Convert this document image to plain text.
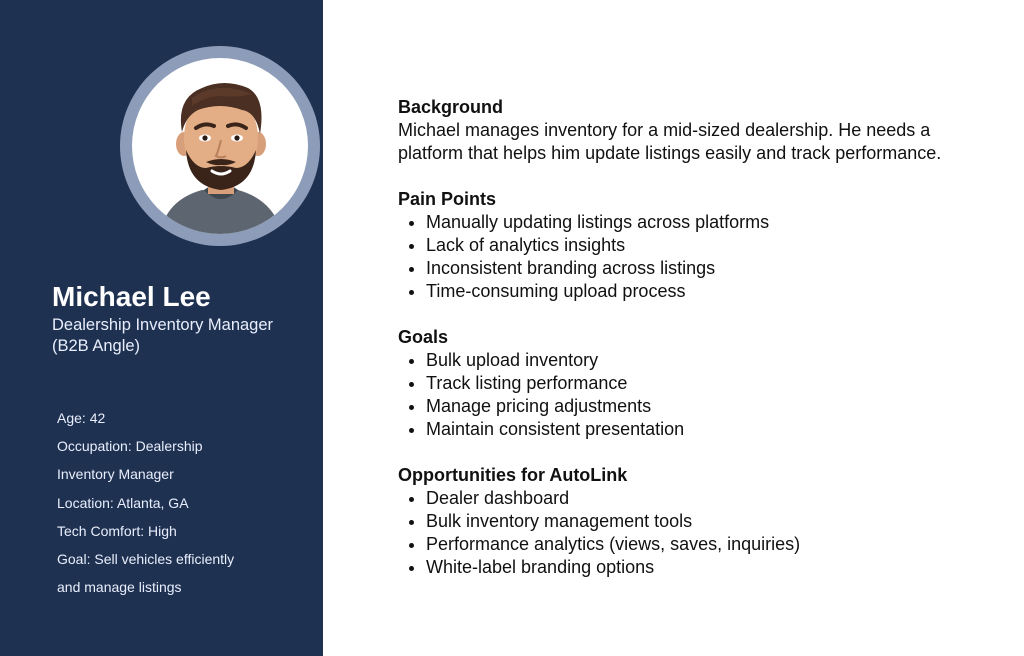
Michael Lee

Dealership Inventory Manager (B2B Angle)

Age: 42
Occupation: Dealership
Inventory Manager
Location: Atlanta, GA
Tech Comfort: High
Goal: Sell vehicles efficiently
and manage listings
Background

Michael manages inventory for a mid-sized dealership. He needs a platform that helps him update listings easily and track performance.

Pain Points
• Manually updating listings across platforms
• Lack of analytics insights
• Inconsistent branding across listings
• Time-consuming upload process
Goals
• Bulk upload inventory
• Track listing performance
• Manage pricing adjustments
• Maintain consistent presentation
Opportunities for AutoLink
• Dealer dashboard
• Bulk inventory management tools
• Performance analytics (views, saves, inquiries)
• White-label branding options
